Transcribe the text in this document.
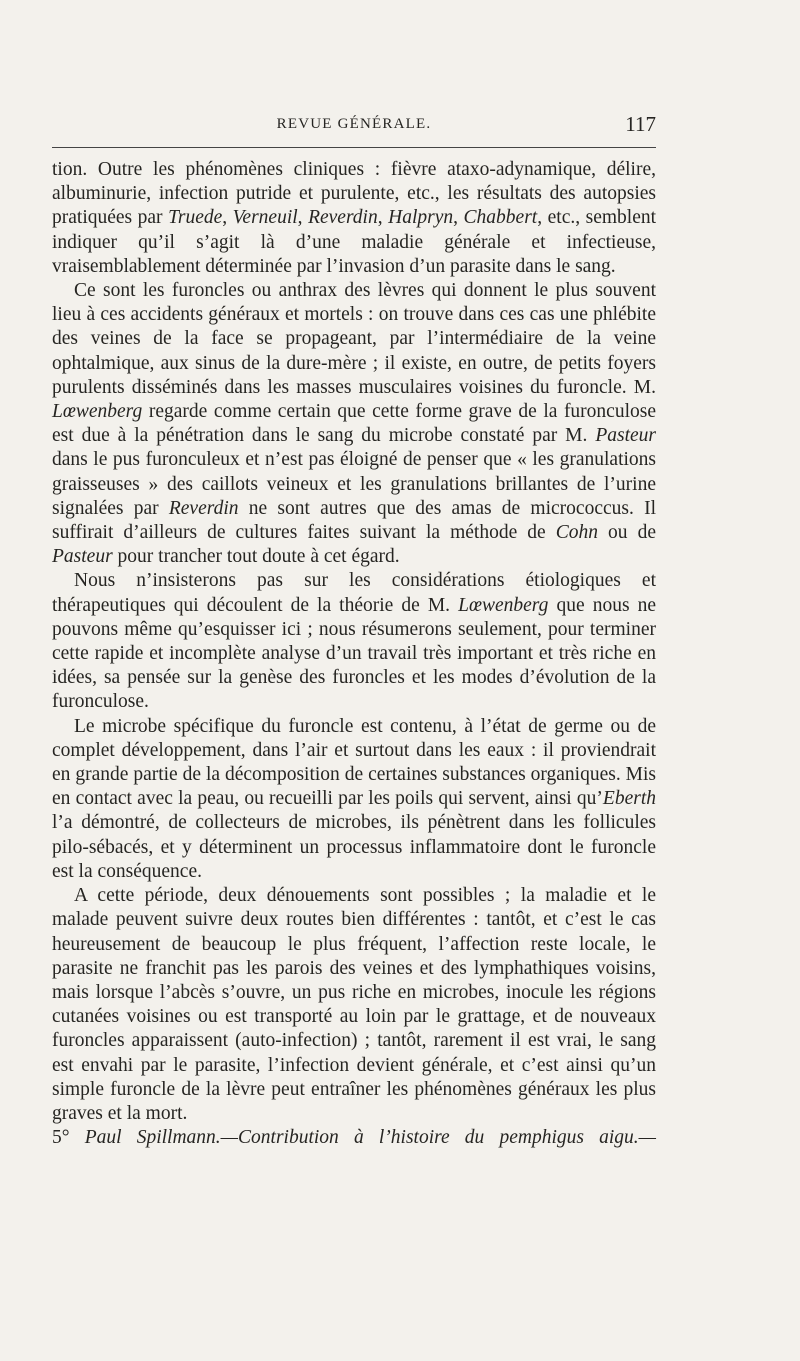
REVUE GÉNÉRALE.	117

tion. Outre les phénomènes cliniques : fièvre ataxo-adynamique, délire, albuminurie, infection putride et purulente, etc., les résultats des autopsies pratiquées par Truede, Verneuil, Reverdin, Halpryn, Chabbert, etc., semblent indiquer qu’il s’agit là d’une maladie générale et infectieuse, vraisemblablement déterminée par l’invasion d’un parasite dans le sang.

Ce sont les furoncles ou anthrax des lèvres qui donnent le plus souvent lieu à ces accidents généraux et mortels : on trouve dans ces cas une phlébite des veines de la face se propageant, par l’intermédiaire de la veine ophtalmique, aux sinus de la dure-mère ; il existe, en outre, de petits foyers purulents disséminés dans les masses musculaires voisines du furoncle. M. Lœwenberg regarde comme certain que cette forme grave de la furonculose est due à la pénétration dans le sang du microbe constaté par M. Pasteur dans le pus furonculeux et n’est pas éloigné de penser que « les granulations graisseuses » des caillots veineux et les granulations brillantes de l’urine signalées par Reverdin ne sont autres que des amas de micrococcus. Il suffirait d’ailleurs de cultures faites suivant la méthode de Cohn ou de Pasteur pour trancher tout doute à cet égard.

Nous n’insisterons pas sur les considérations étiologiques et thérapeutiques qui découlent de la théorie de M. Lœwenberg que nous ne pouvons même qu’esquisser ici ; nous résumerons seulement, pour terminer cette rapide et incomplète analyse d’un travail très important et très riche en idées, sa pensée sur la genèse des furoncles et les modes d’évolution de la furonculose.

Le microbe spécifique du furoncle est contenu, à l’état de germe ou de complet développement, dans l’air et surtout dans les eaux : il proviendrait en grande partie de la décomposition de certaines substances organiques. Mis en contact avec la peau, ou recueilli par les poils qui servent, ainsi qu’Eberth l’a démontré, de collecteurs de microbes, ils pénètrent dans les follicules pilo-sébacés, et y déterminent un processus inflammatoire dont le furoncle est la conséquence.

A cette période, deux dénouements sont possibles ; la maladie et le malade peuvent suivre deux routes bien différentes : tantôt, et c’est le cas heureusement de beaucoup le plus fréquent, l’affection reste locale, le parasite ne franchit pas les parois des veines et des lymphathiques voisins, mais lorsque l’abcès s’ouvre, un pus riche en microbes, inocule les régions cutanées voisines ou est transporté au loin par le grattage, et de nouveaux furoncles apparaissent (auto-infection) ; tantôt, rarement il est vrai, le sang est envahi par le parasite, l’infection devient générale, et c’est ainsi qu’un simple furoncle de la lèvre peut entraîner les phénomènes généraux les plus graves et la mort.

5° Paul Spillmann.—Contribution à l’histoire du pemphigus aigu.—
